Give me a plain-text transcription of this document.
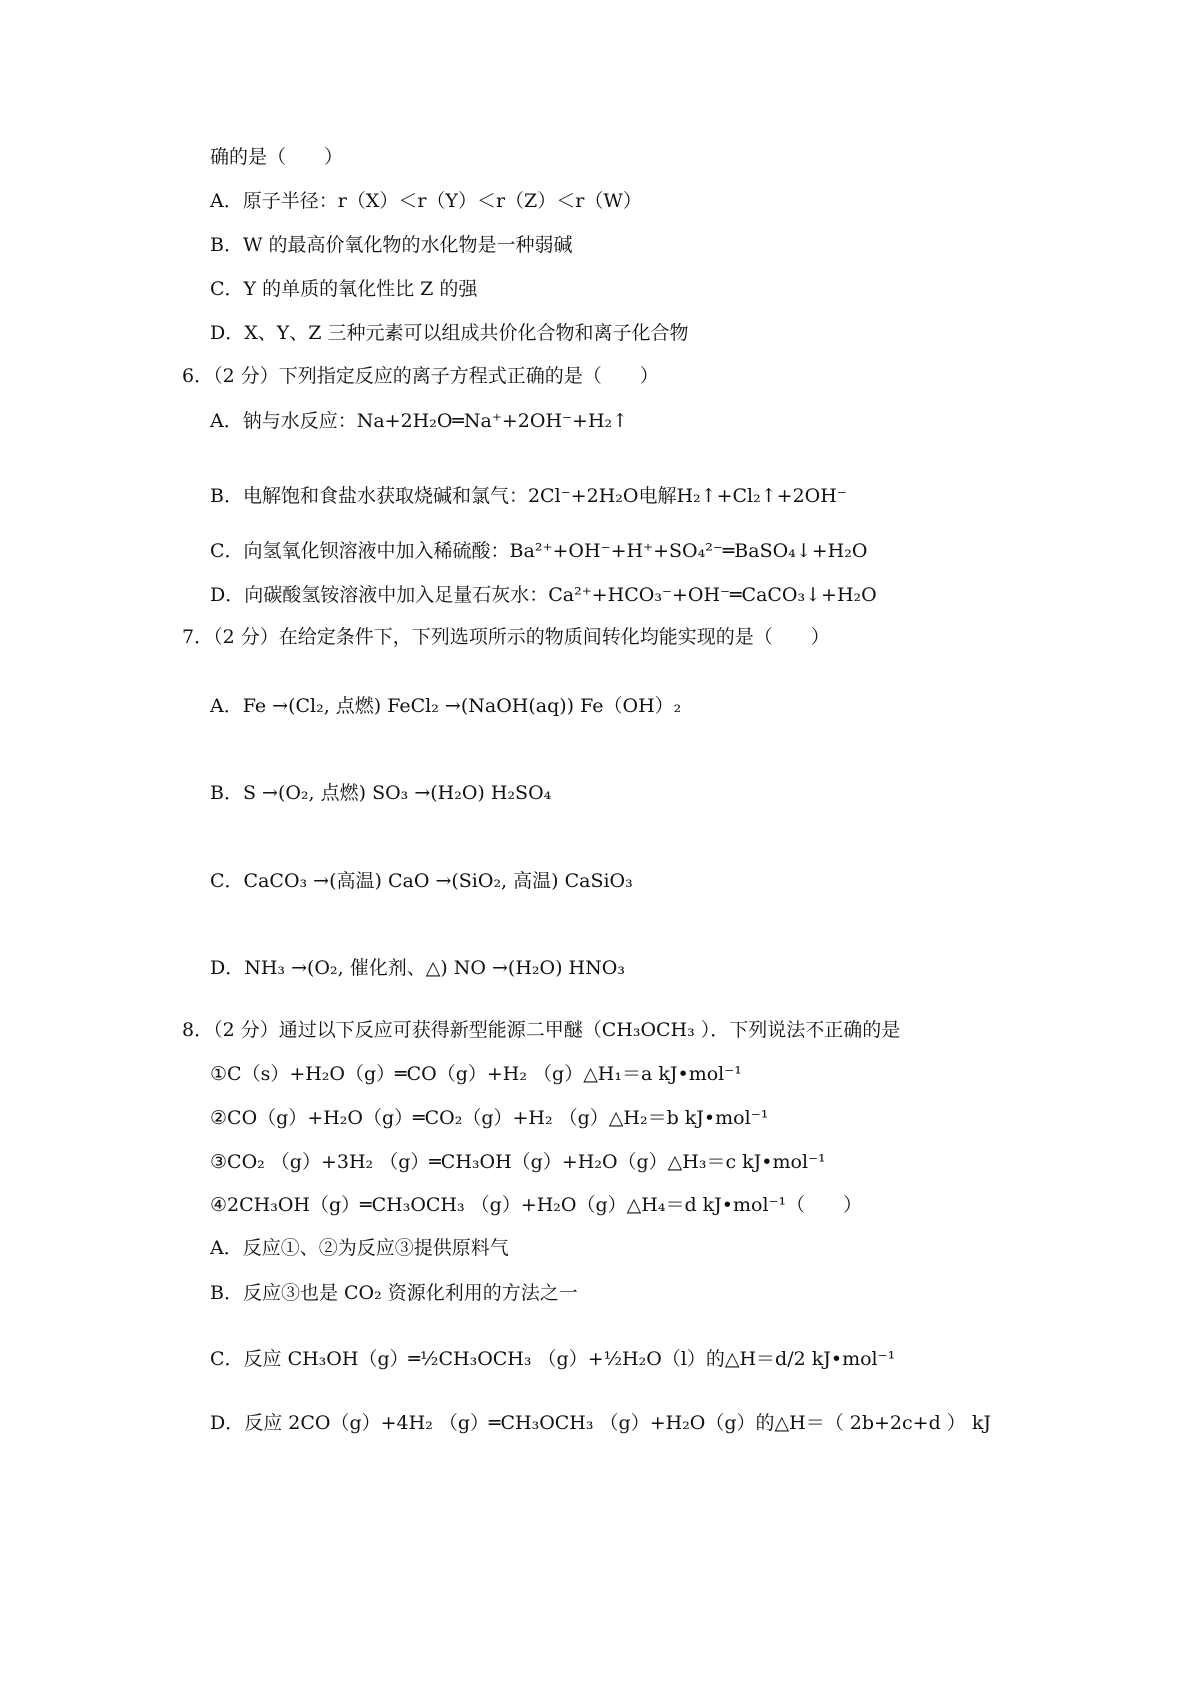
确的是（　　）
A．原子半径：r（X）＜r（Y）＜r（Z）＜r（W）
B．W 的最高价氧化物的水化物是一种弱碱
C．Y 的单质的氧化性比 Z 的强
D．X、Y、Z 三种元素可以组成共价化合物和离子化合物
6．（2 分）下列指定反应的离子方程式正确的是（　　）
A．钠与水反应：Na+2H₂O═Na⁺+2OH⁻+H₂↑
B．电解饱和食盐水获取烧碱和氯气：2Cl⁻+2H₂O电解H₂↑+Cl₂↑+2OH⁻
C．向氢氧化钡溶液中加入稀硫酸：Ba²⁺+OH⁻+H⁺+SO₄²⁻═BaSO₄↓+H₂O
D．向碳酸氢铵溶液中加入足量石灰水：Ca²⁺+HCO₃⁻+OH⁻═CaCO₃↓+H₂O
7．（2 分）在给定条件下，下列选项所示的物质间转化均能实现的是（　　）
A．Fe →(Cl₂, 点燃) FeCl₂ →(NaOH(aq)) Fe（OH）₂
B．S →(O₂, 点燃) SO₃ →(H₂O) H₂SO₄
C．CaCO₃ →(高温) CaO →(SiO₂, 高温) CaSiO₃
D．NH₃ →(O₂, 催化剂、△) NO →(H₂O) HNO₃
8．（2 分）通过以下反应可获得新型能源二甲醚（CH₃OCH₃ ）．下列说法不正确的是
①C（s）+H₂O（g）═CO（g）+H₂ （g）△H₁＝a kJ•mol⁻¹
②CO（g）+H₂O（g）═CO₂（g）+H₂ （g）△H₂＝b kJ•mol⁻¹
③CO₂ （g）+3H₂ （g）═CH₃OH（g）+H₂O（g）△H₃＝c kJ•mol⁻¹
④2CH₃OH（g）═CH₃OCH₃ （g）+H₂O（g）△H₄＝d kJ•mol⁻¹（　　）
A．反应①、②为反应③提供原料气
B．反应③也是 CO₂ 资源化利用的方法之一
C．反应 CH₃OH（g）═½CH₃OCH₃ （g）+½H₂O（l）的△H＝d/2 kJ•mol⁻¹
D．反应 2CO（g）+4H₂ （g）═CH₃OCH₃ （g）+H₂O（g）的△H＝（ 2b+2c+d ） kJ
